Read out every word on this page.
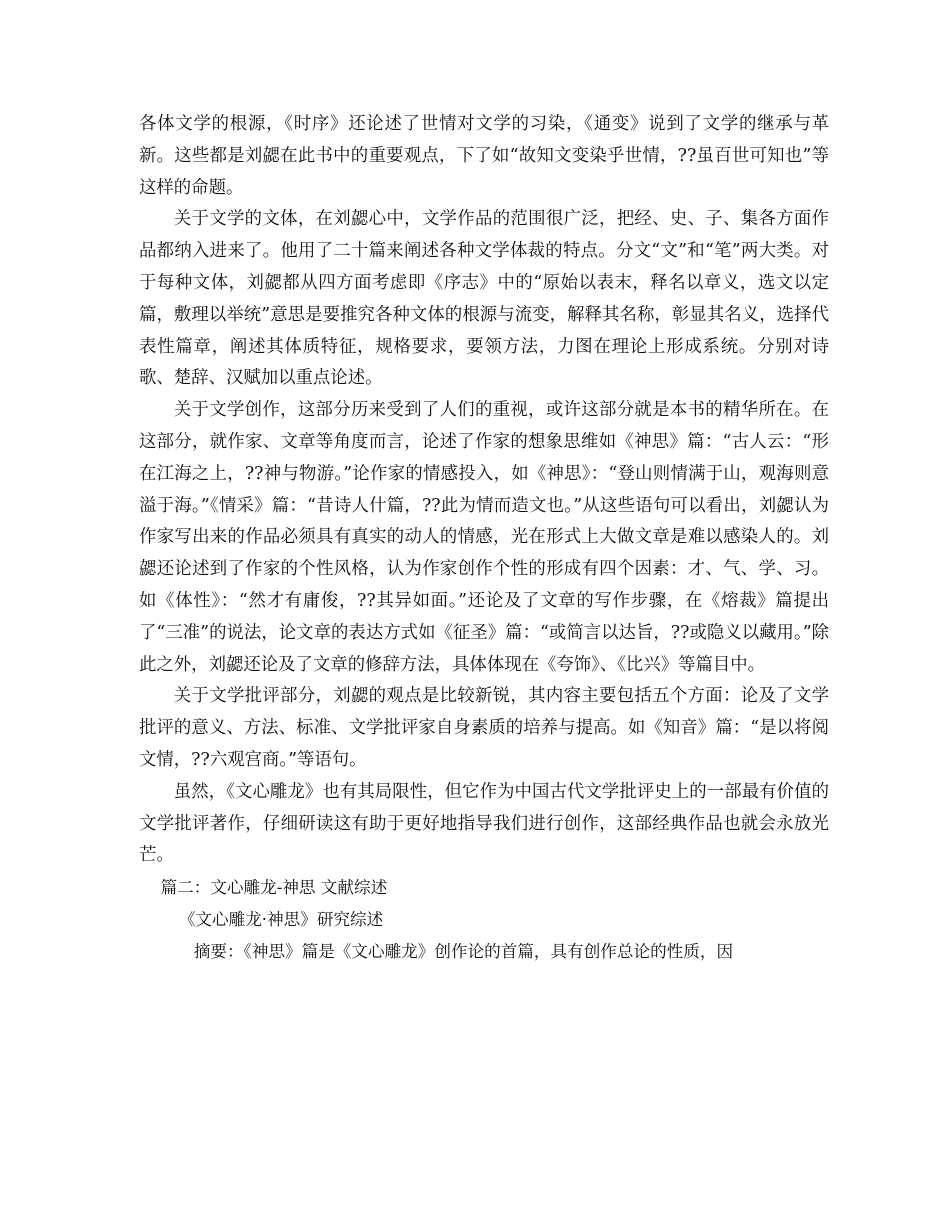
各体文学的根源，《时序》还论述了世情对文学的习染，《通变》说到了文学的继承与革新。这些都是刘勰在此书中的重要观点，下了如“故知文变染乎世情，??虽百世可知也”等这样的命题。

关于文学的文体，在刘勰心中，文学作品的范围很广泛，把经、史、子、集各方面作品都纳入进来了。他用了二十篇来阐述各种文学体裁的特点。分文“文”和“笔”两大类。对于每种文体，刘勰都从四方面考虑即《序志》中的“原始以表末，释名以章义，选文以定篇，敷理以举统”意思是要推究各种文体的根源与流变，解释其名称，彰显其名义，选择代表性篇章，阐述其体质特征，规格要求，要领方法，力图在理论上形成系统。分别对诗歌、楚辞、汉赋加以重点论述。

关于文学创作，这部分历来受到了人们的重视，或许这部分就是本书的精华所在。在这部分，就作家、文章等角度而言，论述了作家的想象思维如《神思》篇：“古人云：“形在江海之上，??神与物游。”论作家的情感投入，如《神思》：“登山则情满于山，观海则意溢于海。”《情采》篇：“昔诗人什篇，??此为情而造文也。”从这些语句可以看出，刘勰认为作家写出来的作品必须具有真实的动人的情感，光在形式上大做文章是难以感染人的。刘勰还论述到了作家的个性风格，认为作家创作个性的形成有四个因素：才、气、学、习。如《体性》：“然才有庸俊，??其异如面。”还论及了文章的写作步骤，在《熔裁》篇提出了“三准”的说法，论文章的表达方式如《征圣》篇：“或简言以达旨，??或隐义以藏用。”除此之外，刘勰还论及了文章的修辞方法，具体体现在《夸饰》、《比兴》等篇目中。

关于文学批评部分，刘勰的观点是比较新锐，其内容主要包括五个方面：论及了文学批评的意义、方法、标准、文学批评家自身素质的培养与提高。如《知音》篇：“是以将阅文情，??六观宫商。”等语句。

虽然，《文心雕龙》也有其局限性，但它作为中国古代文学批评史上的一部最有价值的文学批评著作，仔细研读这有助于更好地指导我们进行创作，这部经典作品也就会永放光芒。

篇二：文心雕龙-神思 文献综述

《文心雕龙·神思》研究综述

摘要：《神思》篇是《文心雕龙》创作论的首篇，具有创作总论的性质，因
